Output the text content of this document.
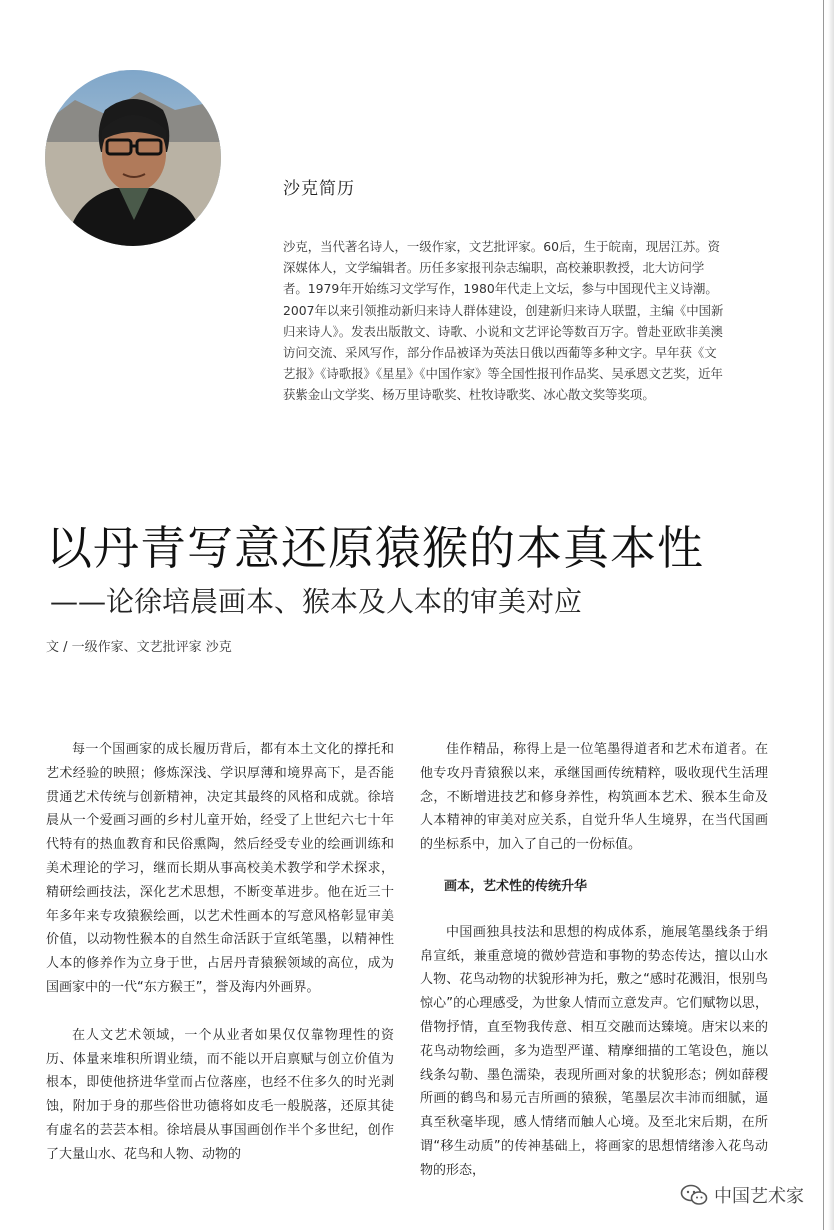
沙克简历
沙克，当代著名诗人，一级作家，文艺批评家。60后，生于皖南，现居江苏。资深媒体人，文学编辑者。历任多家报刊杂志编职，高校兼职教授，北大访问学者。1979年开始练习文学写作，1980年代走上文坛，参与中国现代主义诗潮。2007年以来引领推动新归来诗人群体建设，创建新归来诗人联盟，主编《中国新归来诗人》。发表出版散文、诗歌、小说和文艺评论等数百万字。曾赴亚欧非美澳访问交流、采风写作，部分作品被译为英法日俄以西葡等多种文字。早年获《文艺报》《诗歌报》《星星》《中国作家》等全国性报刊作品奖、吴承恩文艺奖，近年获紫金山文学奖、杨万里诗歌奖、杜牧诗歌奖、冰心散文奖等奖项。
以丹青写意还原猿猴的本真本性
——论徐培晨画本、猴本及人本的审美对应
文 / 一级作家、文艺批评家 沙克

每一个国画家的成长履历背后，都有本土文化的撑托和艺术经验的映照；修炼深浅、学识厚薄和境界高下，是否能贯通艺术传统与创新精神，决定其最终的风格和成就。徐培晨从一个爱画习画的乡村儿童开始，经受了上世纪六七十年代特有的热血教育和民俗熏陶，然后经受专业的绘画训练和美术理论的学习，继而长期从事高校美术教学和学术探求，精研绘画技法，深化艺术思想，不断变革进步。他在近三十年多年来专攻猿猴绘画，以艺术性画本的写意风格彰显审美价值，以动物性猴本的自然生命活跃于宣纸笔墨，以精神性人本的修养作为立身于世，占居丹青猿猴领域的高位，成为国画家中的一代“东方猴王”，誉及海内外画界。

在人文艺术领域，一个从业者如果仅仅靠物理性的资历、体量来堆积所谓业绩，而不能以开启禀赋与创立价值为根本，即使他挤进华堂而占位落座，也经不住多久的时光剥蚀，附加于身的那些俗世功德将如皮毛一般脱落，还原其徒有虚名的芸芸本相。徐培晨从事国画创作半个多世纪，创作了大量山水、花鸟和人物、动物的

佳作精品，称得上是一位笔墨得道者和艺术布道者。在他专攻丹青猿猴以来，承继国画传统精粹，吸收现代生活理念，不断增进技艺和修身养性，构筑画本艺术、猴本生命及人本精神的审美对应关系，自觉升华人生境界，在当代国画的坐标系中，加入了自己的一份标值。

画本，艺术性的传统升华

中国画独具技法和思想的构成体系，施展笔墨线条于绢帛宣纸，兼重意境的微妙营造和事物的势态传达，擅以山水人物、花鸟动物的状貌形神为托，敷之“感时花溅泪，恨别鸟惊心”的心理感受，为世象人情而立意发声。它们赋物以思，借物抒情，直至物我传意、相互交融而达臻境。唐宋以来的花鸟动物绘画，多为造型严谨、精摩细描的工笔设色，施以线条勾勒、墨色濡染，表现所画对象的状貌形态；例如薛稷所画的鹤鸟和易元吉所画的猿猴，笔墨层次丰沛而细腻，逼真至秋毫毕现，感人情绪而触人心境。及至北宋后期，在所谓“移生动质”的传神基础上，将画家的思想情绪渗入花鸟动物的形态，

中国艺术家
